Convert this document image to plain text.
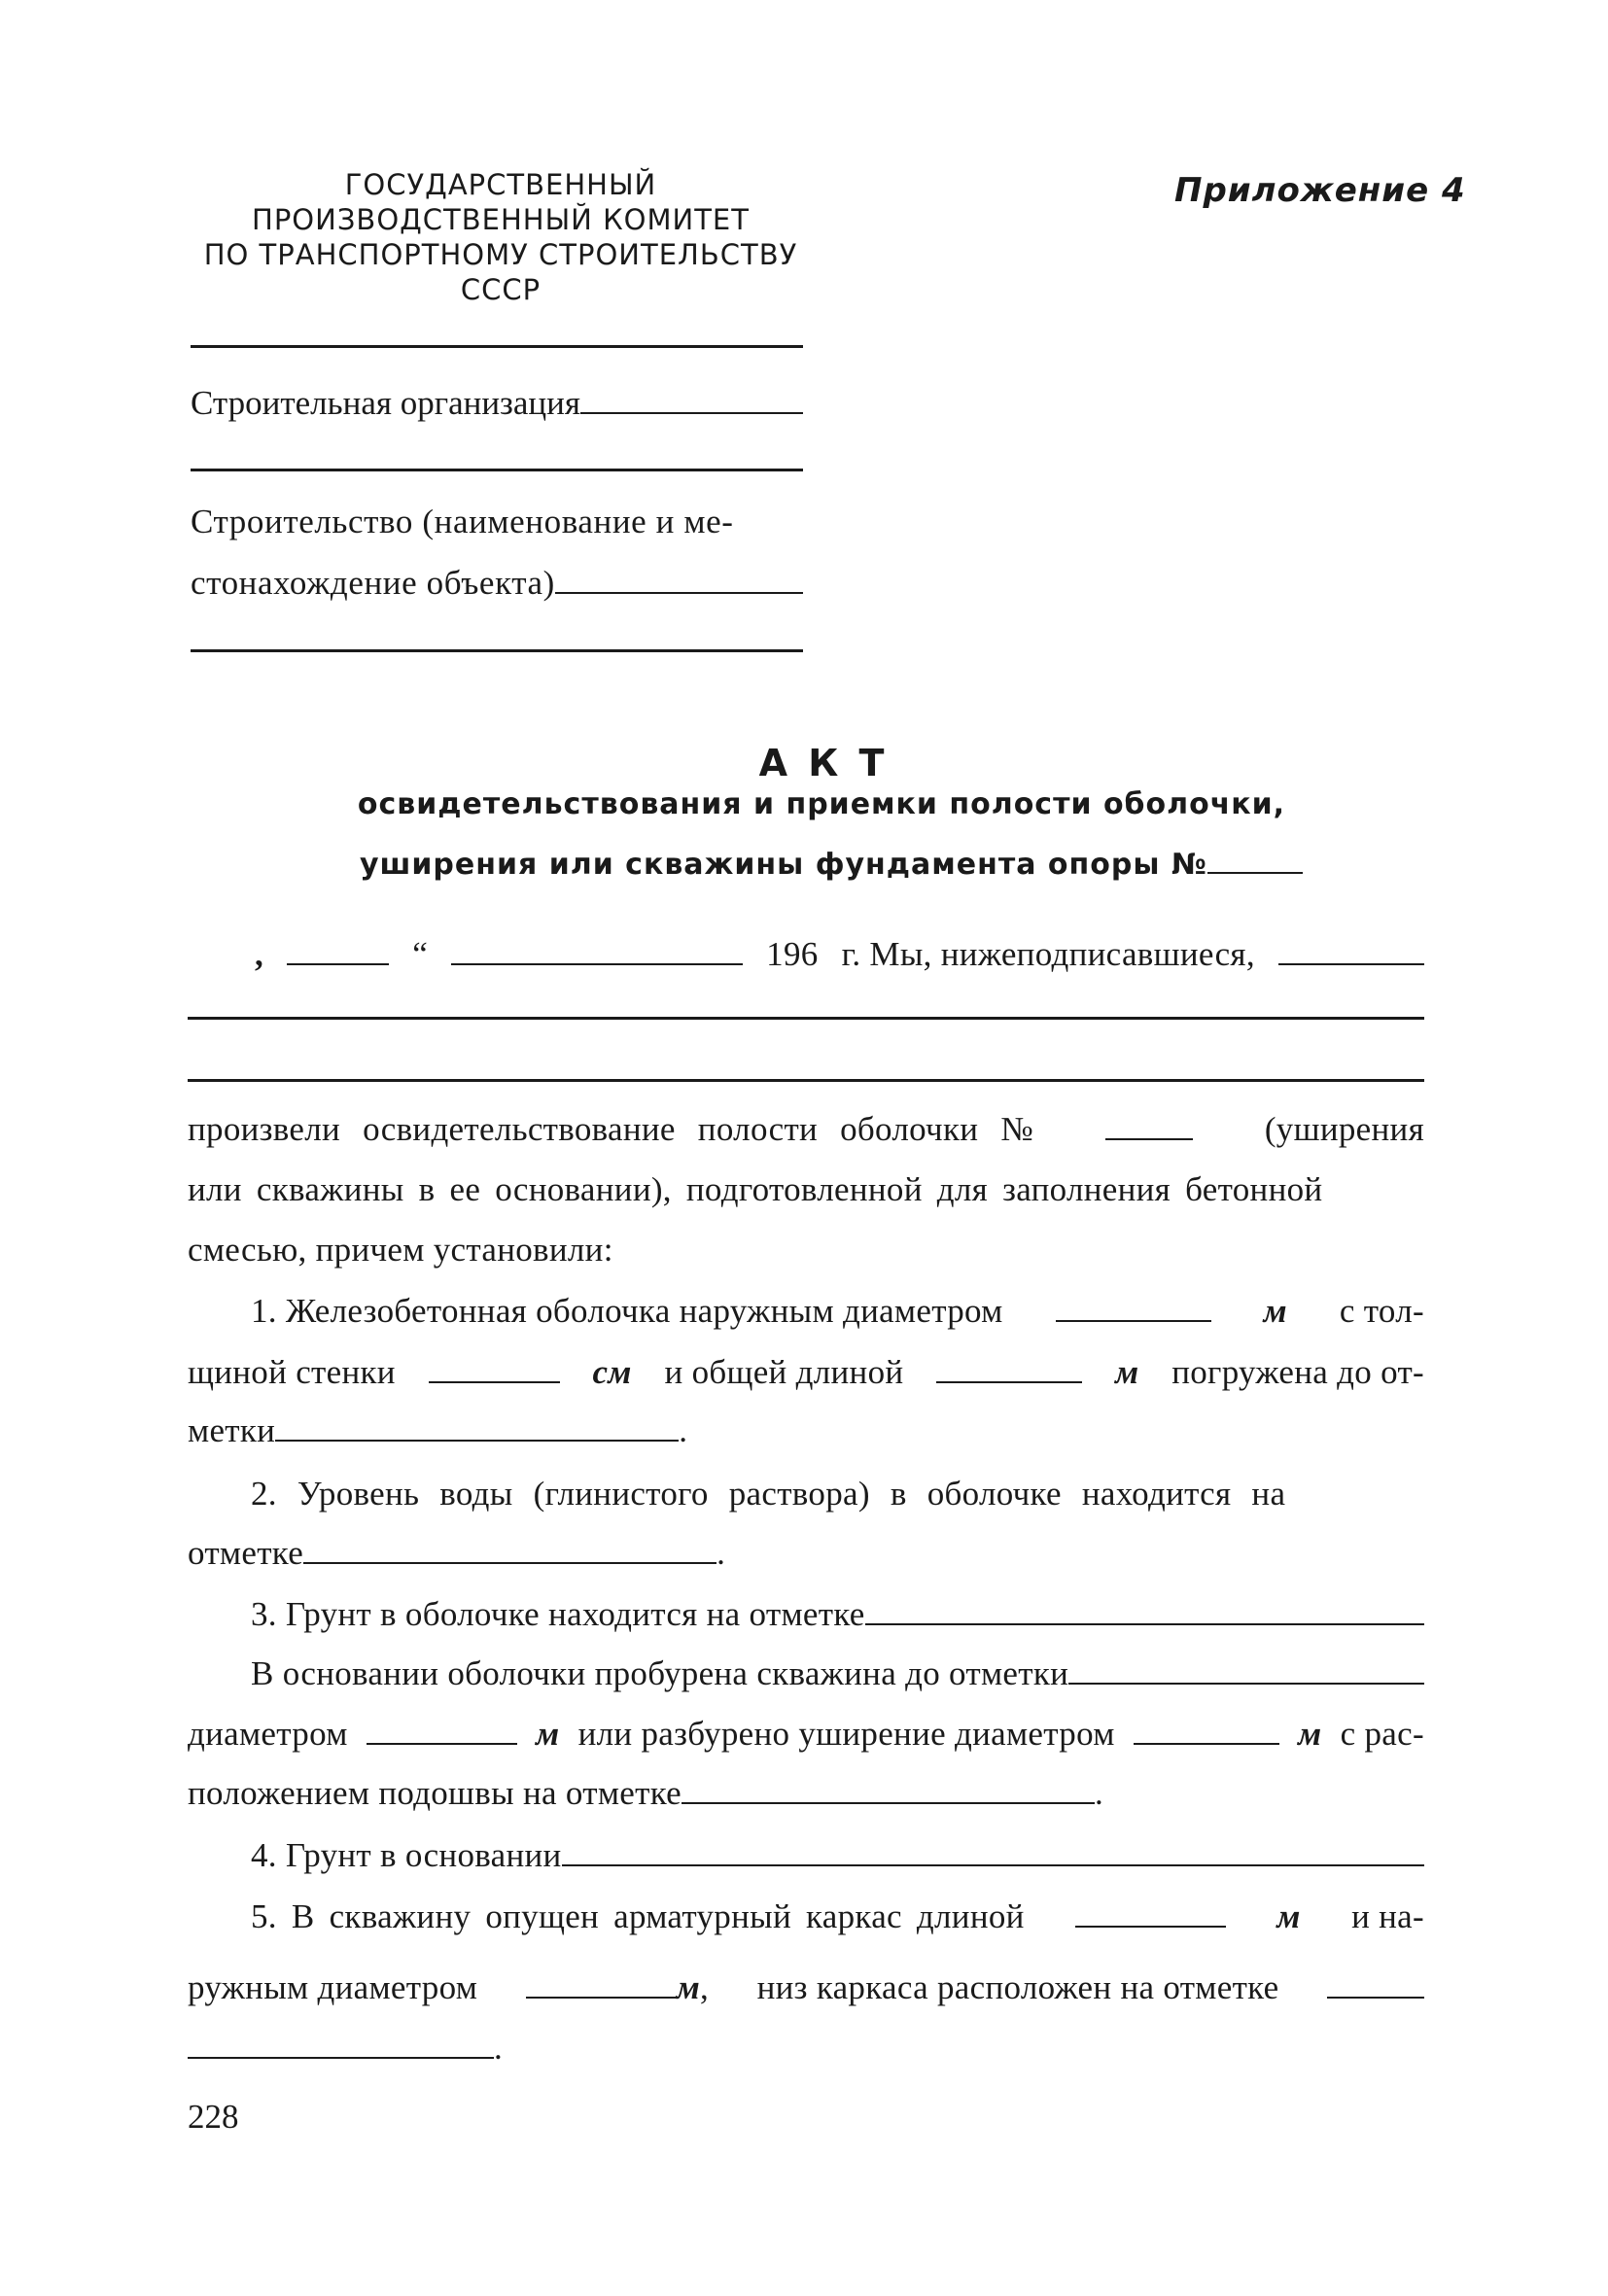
ГОСУДАРСТВЕННЫЙ
ПРОИЗВОДСТВЕННЫЙ КОМИТЕТ
ПО ТРАНСПОРТНОМУ СТРОИТЕЛЬСТВУ
СССР
Приложение 4
Строительная организация
Строительство (наименование и ме-
стонахождение объекта)
А К Т
освидетельствования и приемки полости оболочки,
уширения или скважины фундамента опоры №
,	“	196 г. Мы, нижеподписавшиеся,
произвели освидетельствование полости оболочки №	(уширения
или скважины в ее основании), подготовленной для заполнения бетонной
смесью, причем установили:
1. Железобетонная оболочка наружным диаметром	м с тол-
щиной стенки	см и общей длиной	м погружена до от-
метки	.
2. Уровень воды (глинистого раствора) в оболочке находится на
отметке	.
3. Грунт в оболочке находится на отметке
В основании оболочки пробурена скважина до отметки
диаметром	м или разбурено уширение диаметром	м с рас-
положением подошвы на отметке	.
4. Грунт в основании
5. В скважину опущен арматурный каркас длиной	м и на-
ружным диаметром	м , низ каркаса расположен на отметке
.
228
